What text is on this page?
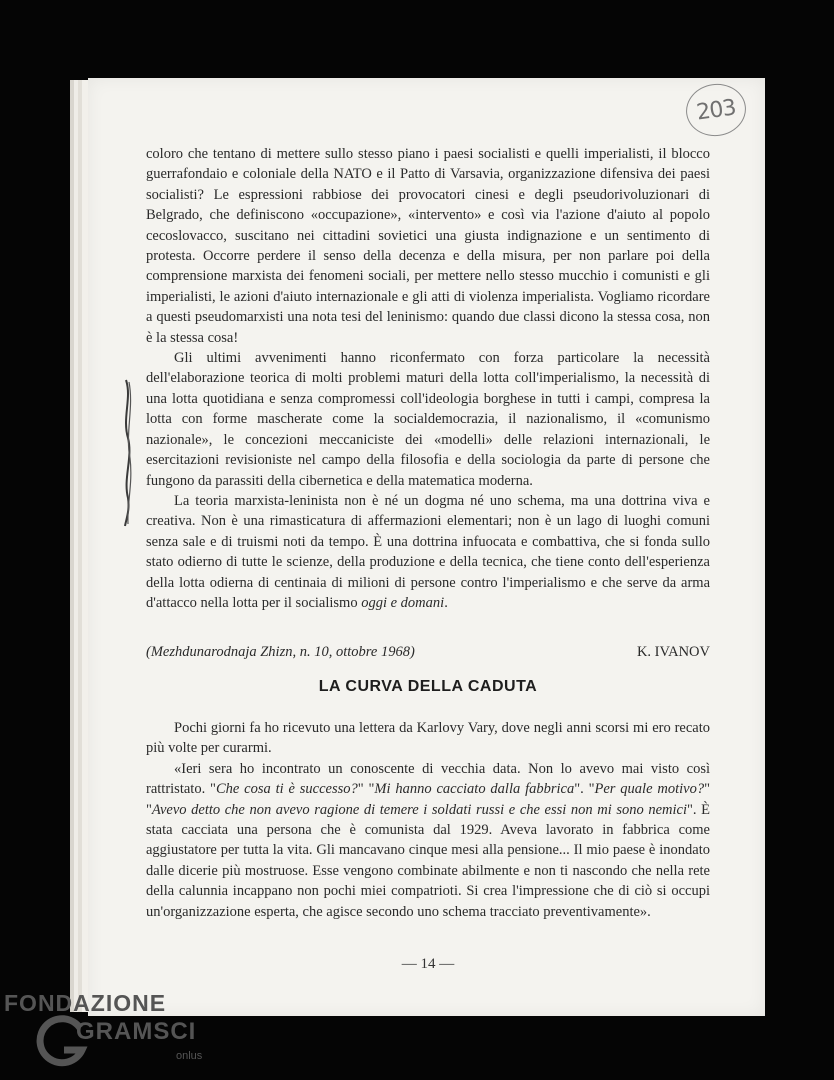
203

coloro che tentano di mettere sullo stesso piano i paesi socialisti e quelli imperialisti, il blocco guerrafondaio e coloniale della NATO e il Patto di Varsavia, organizzazione difensiva dei paesi socialisti? Le espressioni rabbiose dei provocatori cinesi e degli pseudorivoluzionari di Belgrado, che definiscono «occupazione», «intervento» e così via l'azione d'aiuto al popolo cecoslovacco, suscitano nei cittadini sovietici una giusta indignazione e un sentimento di protesta. Occorre perdere il senso della decenza e della misura, per non parlare poi della comprensione marxista dei fenomeni sociali, per mettere nello stesso mucchio i comunisti e gli imperialisti, le azioni d'aiuto internazionale e gli atti di violenza imperialista. Vogliamo ricordare a questi pseudomarxisti una nota tesi del leninismo: quando due classi dicono la stessa cosa, non è la stessa cosa!

Gli ultimi avvenimenti hanno riconfermato con forza particolare la necessità dell'elaborazione teorica di molti problemi maturi della lotta coll'imperialismo, la necessità di una lotta quotidiana e senza compromessi coll'ideologia borghese in tutti i campi, compresa la lotta con forme mascherate come la socialdemocrazia, il nazionalismo, il «comunismo nazionale», le concezioni meccaniciste dei «modelli» delle relazioni internazionali, le esercitazioni revisioniste nel campo della filosofia e della sociologia da parte di persone che fungono da parassiti della cibernetica e della matematica moderna.

La teoria marxista-leninista non è né un dogma né uno schema, ma una dottrina viva e creativa. Non è una rimasticatura di affermazioni elementari; non è un lago di luoghi comuni senza sale e di truismi noti da tempo. È una dottrina infuocata e combattiva, che si fonda sullo stato odierno di tutte le scienze, della produzione e della tecnica, che tiene conto dell'esperienza della lotta odierna di centinaia di milioni di persone contro l'imperialismo e che serve da arma d'attacco nella lotta per il socialismo oggi e domani.

(Mezhdunarodnaja Zhizn, n. 10, ottobre 1968)	K. IVANOV
LA CURVA DELLA CADUTA

Pochi giorni fa ho ricevuto una lettera da Karlovy Vary, dove negli anni scorsi mi ero recato più volte per curarmi.

«Ieri sera ho incontrato un conoscente di vecchia data. Non lo avevo mai visto così rattristato. "Che cosa ti è successo?" "Mi hanno cacciato dalla fabbrica". "Per quale motivo?" "Avevo detto che non avevo ragione di temere i soldati russi e che essi non mi sono nemici". È stata cacciata una persona che è comunista dal 1929. Aveva lavorato in fabbrica come aggiustatore per tutta la vita. Gli mancavano cinque mesi alla pensione... Il mio paese è inondato dalle dicerie più mostruose. Esse vengono combinate abilmente e non ti nascondo che nella rete della calunnia incappano non pochi miei compatrioti. Si crea l'impressione che di ciò si occupi un'organizzazione esperta, che agisce secondo uno schema tracciato preventivamente».

— 14 —
FONDAZIONE
GRAMSCI
onlus
